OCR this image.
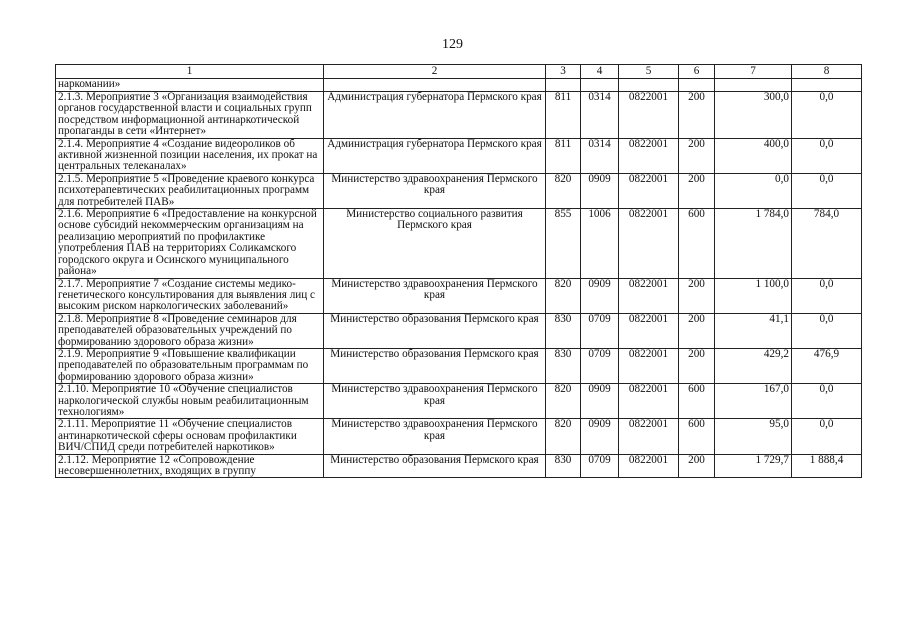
129
1	2	3	4	5	6	7	8
наркомании»							
2.1.3. Мероприятие 3 «Организация взаимодействия органов государственной власти и социальных групп посредством информационной антинаркотической пропаганды в сети «Интернет»	Администрация губернатора Пермского края	811	0314	0822001	200	300,0	0,0
2.1.4. Мероприятие 4 «Создание видеороликов об активной жизненной позиции населения, их прокат на центральных телеканалах»	Администрация губернатора Пермского края	811	0314	0822001	200	400,0	0,0
2.1.5. Мероприятие 5 «Проведение краевого конкурса психотерапевтических реабилитационных программ для потребителей ПАВ»	Министерство здравоохранения Пермского края	820	0909	0822001	200	0,0	0,0
2.1.6. Мероприятие 6 «Предоставление на конкурсной основе субсидий некоммерческим организациям на реализацию мероприятий по профилактике употребления ПАВ на территориях Соликамского городского округа и Осинского муниципального района»	Министерство социального развития Пермского края	855	1006	0822001	600	1 784,0	784,0
2.1.7. Мероприятие 7 «Создание системы медико-генетического консультирования для выявления лиц с высоким риском наркологических заболеваний»	Министерство здравоохранения Пермского края	820	0909	0822001	200	1 100,0	0,0
2.1.8. Мероприятие 8 «Проведение семинаров для преподавателей образовательных учреждений по формированию здорового образа жизни»	Министерство образования Пермского края	830	0709	0822001	200	41,1	0,0
2.1.9. Мероприятие 9 «Повышение квалификации преподавателей по образовательным программам по формированию здорового образа жизни»	Министерство образования Пермского края	830	0709	0822001	200	429,2	476,9
2.1.10. Мероприятие 10 «Обучение специалистов наркологической службы новым реабилитационным технологиям»	Министерство здравоохранения Пермского края	820	0909	0822001	600	167,0	0,0
2.1.11. Мероприятие 11 «Обучение специалистов антинаркотической сферы основам профилактики ВИЧ/СПИД среди потребителей наркотиков»	Министерство здравоохранения Пермского края	820	0909	0822001	600	95,0	0,0
2.1.12. Мероприятие 12 «Сопровождение несовершеннолетних, входящих в группу	Министерство образования Пермского края	830	0709	0822001	200	1 729,7	1 888,4
